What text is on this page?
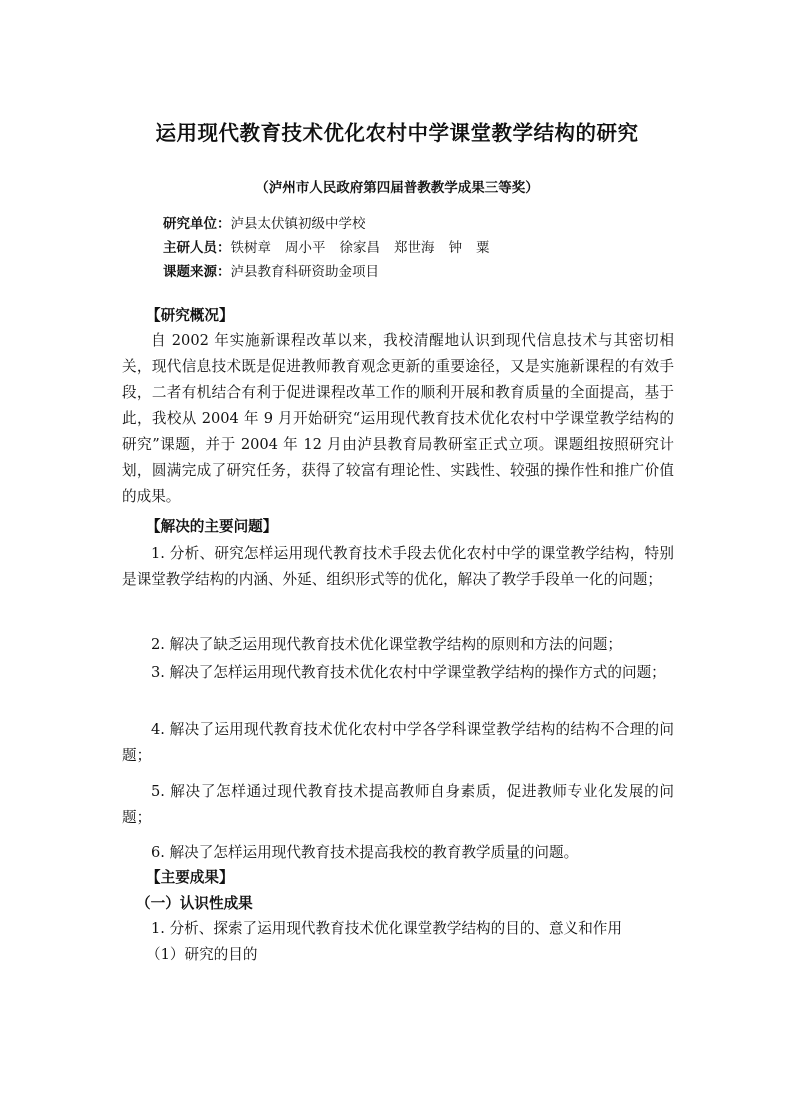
运用现代教育技术优化农村中学课堂教学结构的研究

（泸州市人民政府第四届普教教学成果三等奖）

研究单位：泸县太伏镇初级中学校
主研人员：铁树章 周小平 徐家昌 郑世海 钟 粟
课题来源：泸县教育科研资助金项目

【研究概况】

自 2002 年实施新课程改革以来，我校清醒地认识到现代信息技术与其密切相关，现代信息技术既是促进教师教育观念更新的重要途径，又是实施新课程的有效手段，二者有机结合有利于促进课程改革工作的顺利开展和教育质量的全面提高，基于此，我校从 2004 年 9 月开始研究“运用现代教育技术优化农村中学课堂教学结构的研究”课题，并于 2004 年 12 月由泸县教育局教研室正式立项。课题组按照研究计划，圆满完成了研究任务，获得了较富有理论性、实践性、较强的操作性和推广价值的成果。

【解决的主要问题】

1. 分析、研究怎样运用现代教育技术手段去优化农村中学的课堂教学结构，特别是课堂教学结构的内涵、外延、组织形式等的优化，解决了教学手段单一化的问题；

2. 解决了缺乏运用现代教育技术优化课堂教学结构的原则和方法的问题；

3. 解决了怎样运用现代教育技术优化农村中学课堂教学结构的操作方式的问题；

4. 解决了运用现代教育技术优化农村中学各学科课堂教学结构的结构不合理的问题；

5. 解决了怎样通过现代教育技术提高教师自身素质，促进教师专业化发展的问题；

6. 解决了怎样运用现代教育技术提高我校的教育教学质量的问题。

【主要成果】

（一）认识性成果

1. 分析、探索了运用现代教育技术优化课堂教学结构的目的、意义和作用

（1）研究的目的
